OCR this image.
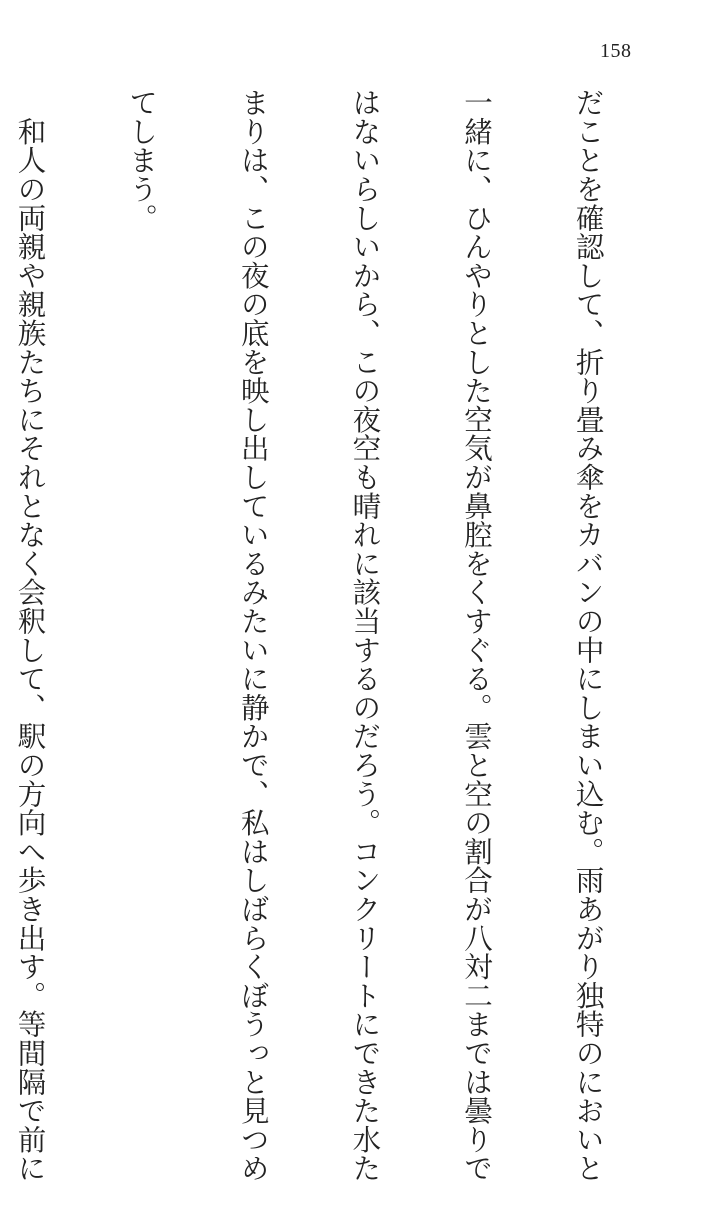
158

だことを確認して、折り畳み傘をカバンの中にしまい込む。雨あがり独特のにおいと

一緒に、ひんやりとした空気が鼻腔をくすぐる。雲と空の割合が八対二までは曇りで

はないらしいから、この夜空も晴れに該当するのだろう。コンクリートにできた水た

まりは、この夜の底を映し出しているみたいに静かで、私はしばらくぼうっと見つめ

てしまう。

　和人の両親や親族たちにそれとなく会釈して、駅の方向へ歩き出す。等間隔で前に
